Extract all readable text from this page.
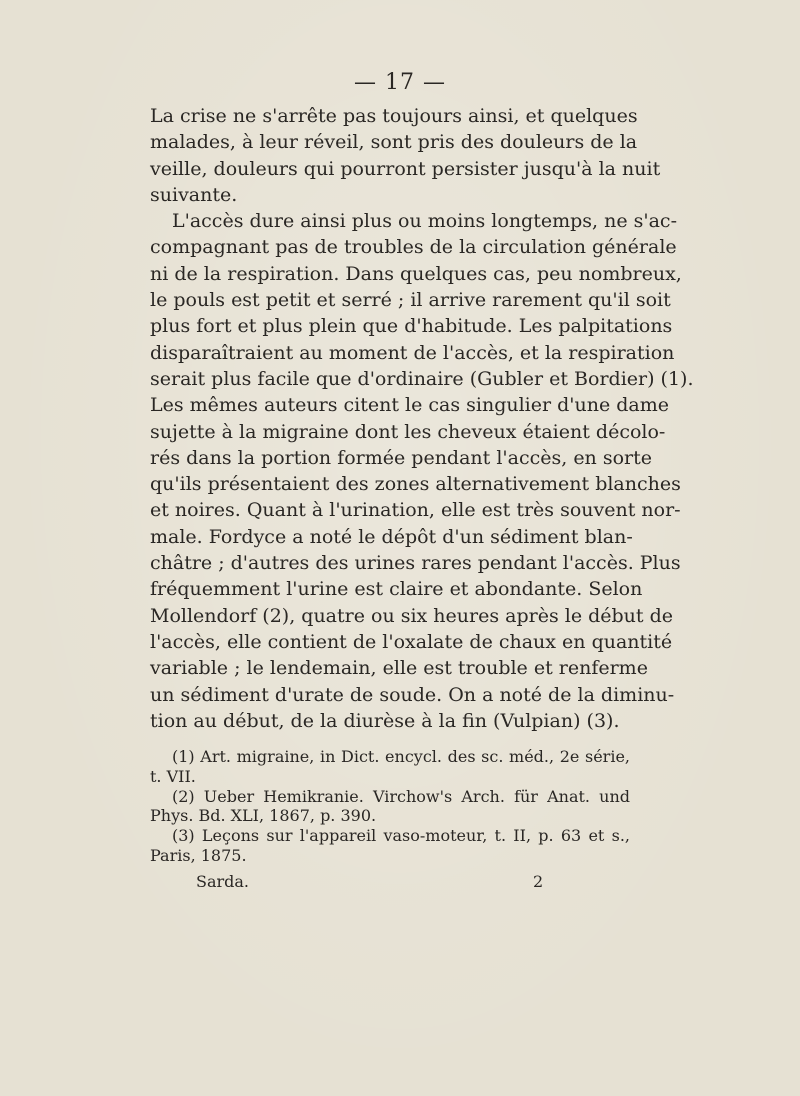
— 17 —
La crise ne s'arrête pas toujours ainsi, et quelques
malades, à leur réveil, sont pris des douleurs de la
veille, douleurs qui pourront persister jusqu'à la nuit
suivante.
L'accès dure ainsi plus ou moins longtemps, ne s'ac-
compagnant pas de troubles de la circulation générale
ni de la respiration. Dans quelques cas, peu nombreux,
le pouls est petit et serré ; il arrive rarement qu'il soit
plus fort et plus plein que d'habitude. Les palpitations
disparaîtraient au moment de l'accès, et la respiration
serait plus facile que d'ordinaire (Gubler et Bordier) (1).
Les mêmes auteurs citent le cas singulier d'une dame
sujette à la migraine dont les cheveux étaient décolo-
rés dans la portion formée pendant l'accès, en sorte
qu'ils présentaient des zones alternativement blanches
et noires. Quant à l'urination, elle est très souvent nor-
male. Fordyce a noté le dépôt d'un sédiment blan-
châtre ; d'autres des urines rares pendant l'accès. Plus
fréquemment l'urine est claire et abondante. Selon
Mollendorf (2), quatre ou six heures après le début de
l'accès, elle contient de l'oxalate de chaux en quantité
variable ; le lendemain, elle est trouble et renferme
un sédiment d'urate de soude. On a noté de la diminu-
tion au début, de la diurèse à la fin (Vulpian) (3).
(1) Art. migraine, in Dict. encycl. des sc. méd., 2e série,
t. VII.
(2) Ueber Hemikranie. Virchow's Arch. für Anat. und
Phys. Bd. XLI, 1867, p. 390.
(3) Leçons sur l'appareil vaso-moteur, t. II, p. 63 et s.,
Paris, 1875.
Sarda.	2
